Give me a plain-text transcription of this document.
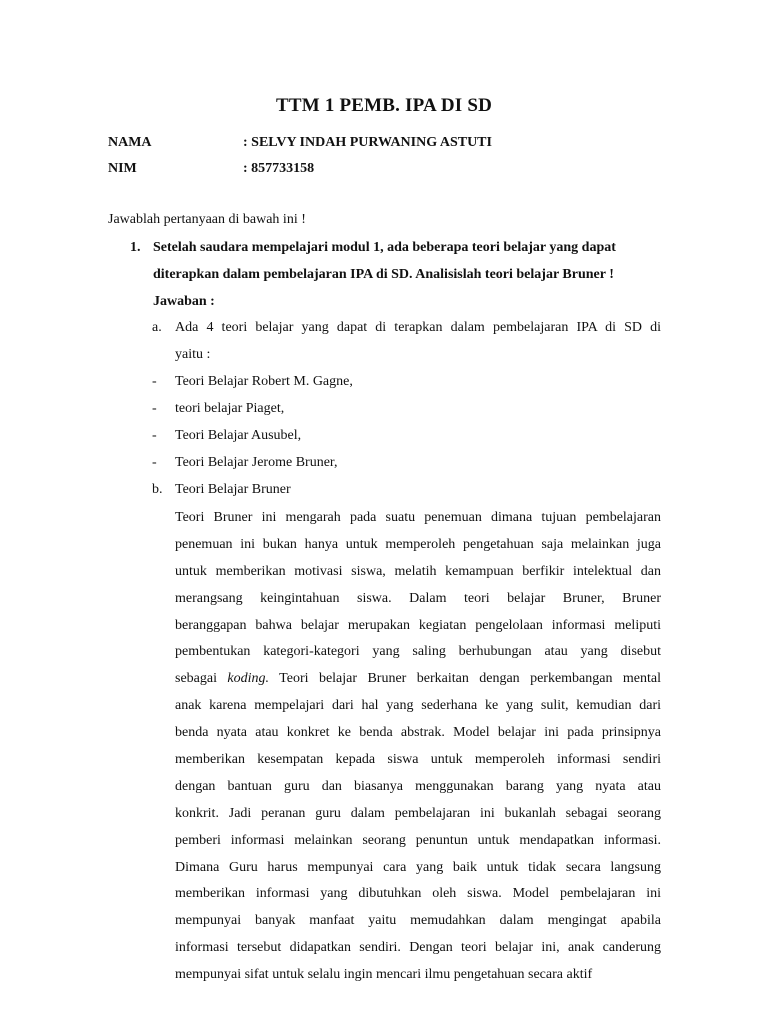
TTM 1 PEMB. IPA DI SD
NAMA	: SELVY INDAH PURWANING ASTUTI
NIM	: 857733158
Jawablah pertanyaan di bawah ini !
1. Setelah saudara mempelajari modul 1, ada beberapa teori belajar yang dapat
diterapkan dalam pembelajaran IPA di SD. Analisislah teori belajar Bruner !
Jawaban :
a. Ada 4 teori belajar yang dapat di terapkan dalam pembelajaran IPA di SD di
yaitu :
- Teori Belajar Robert M. Gagne,
- teori belajar Piaget,
- Teori Belajar Ausubel,
- Teori Belajar Jerome Bruner,
b. Teori Belajar Bruner
Teori Bruner ini mengarah pada suatu penemuan dimana tujuan pembelajaran
penemuan ini bukan hanya untuk memperoleh pengetahuan saja melainkan juga
untuk memberikan motivasi siswa, melatih kemampuan berfikir intelektual dan
merangsang keingintahuan siswa. Dalam teori belajar Bruner, Bruner
beranggapan bahwa belajar merupakan kegiatan pengelolaan informasi meliputi
pembentukan kategori-kategori yang saling berhubungan atau yang disebut
sebagai koding. Teori belajar Bruner berkaitan dengan perkembangan mental
anak karena mempelajari dari hal yang sederhana ke yang sulit, kemudian dari
benda nyata atau konkret ke benda abstrak. Model belajar ini pada prinsipnya
memberikan kesempatan kepada siswa untuk memperoleh informasi sendiri
dengan bantuan guru dan biasanya menggunakan barang yang nyata atau
konkrit. Jadi peranan guru dalam pembelajaran ini bukanlah sebagai seorang
pemberi informasi melainkan seorang penuntun untuk mendapatkan informasi.
Dimana Guru harus mempunyai cara yang baik untuk tidak secara langsung
memberikan informasi yang dibutuhkan oleh siswa. Model pembelajaran ini
mempunyai banyak manfaat yaitu memudahkan dalam mengingat apabila
informasi tersebut didapatkan sendiri. Dengan teori belajar ini, anak canderung
mempunyai sifat untuk selalu ingin mencari ilmu pengetahuan secara aktif
